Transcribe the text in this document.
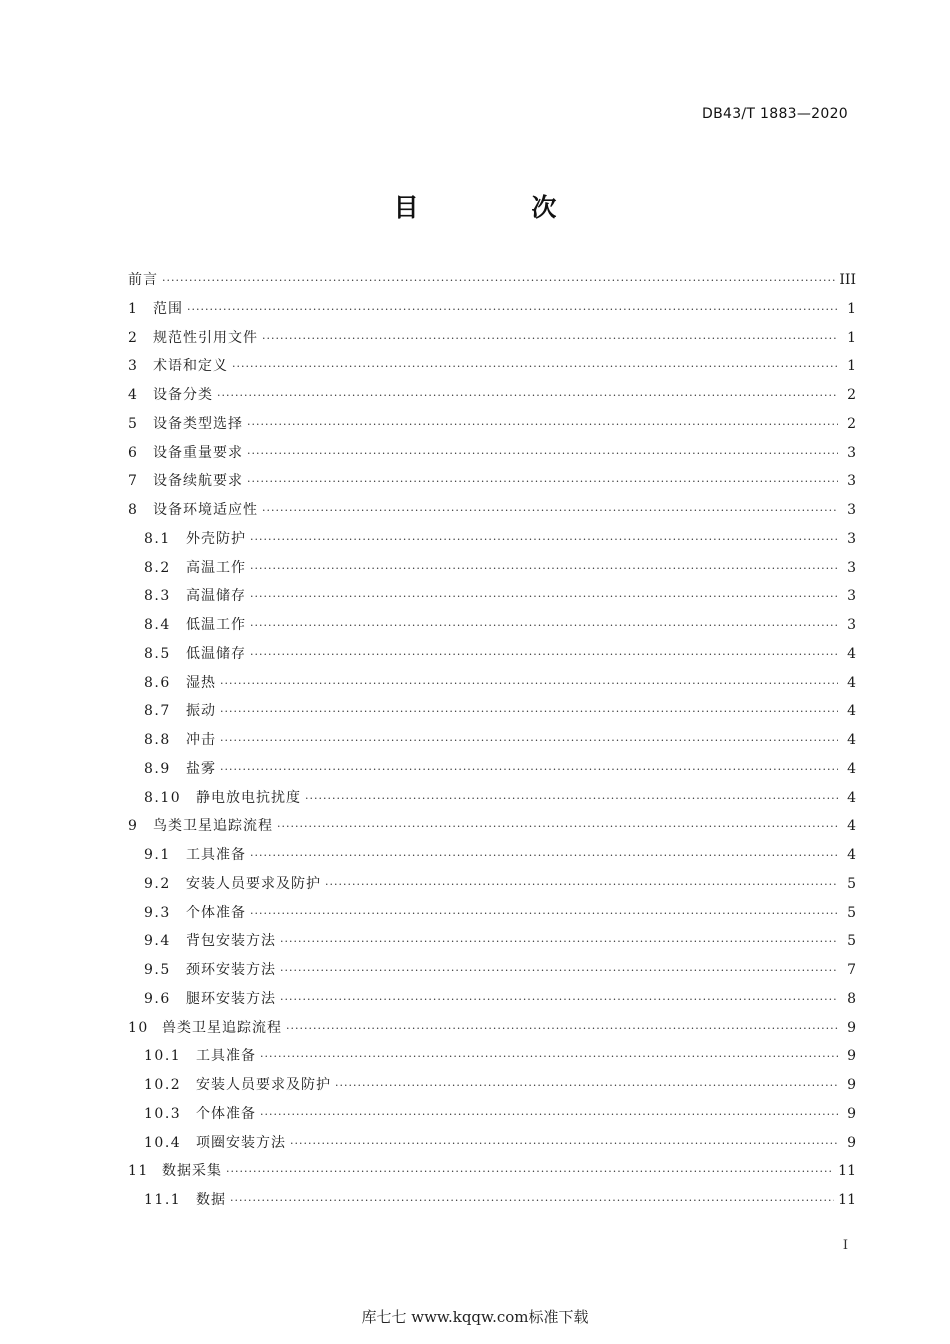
DB43/T 1883—2020
目 次
前言 ·····	III
1	范围 ·····	1
2	规范性引用文件 ·····	1
3	术语和定义 ·····	1
4	设备分类 ·····	2
5	设备类型选择 ·····	2
6	设备重量要求 ·····	3
7	设备续航要求 ·····	3
8	设备环境适应性 ·····	3
8.1	外壳防护 ·····	3
8.2	高温工作 ·····	3
8.3	高温储存 ·····	3
8.4	低温工作 ·····	3
8.5	低温储存 ·····	4
8.6	湿热 ·····	4
8.7	振动 ·····	4
8.8	冲击 ·····	4
8.9	盐雾 ·····	4
8.10	静电放电抗扰度 ·····	4
9	鸟类卫星追踪流程 ·····	4
9.1	工具准备 ·····	4
9.2	安装人员要求及防护 ·····	5
9.3	个体准备 ·····	5
9.4	背包安装方法 ·····	5
9.5	颈环安装方法 ·····	7
9.6	腿环安装方法 ·····	8
10 兽类卫星追踪流程 ·····	9
10.1	工具准备 ·····	9
10.2	安装人员要求及防护 ·····	9
10.3	个体准备 ·····	9
10.4	项圈安装方法 ·····	9
11 数据采集 ·····	11
11.1	数据 ·····	11
I
库七七 www.kqqw.com标准下载
